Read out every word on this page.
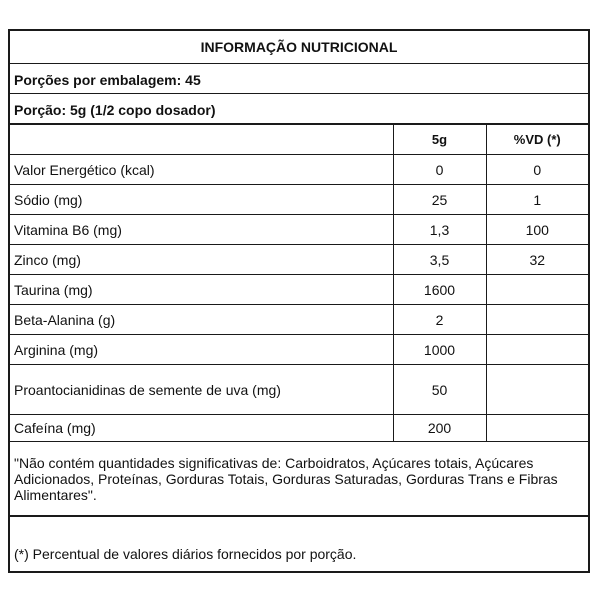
INFORMAÇÃO NUTRICIONAL
Porções por embalagem: 45
Porção: 5g (1/2 copo dosador)
	5g	%VD (*)
Valor Energético (kcal)	0	0
Sódio (mg)	25	1
Vitamina B6 (mg)	1,3	100
Zinco (mg)	3,5	32
Taurina (mg)	1600	
Beta-Alanina (g)	2	
Arginina (mg)	1000	
Proantocianidinas de semente de uva (mg)	50	
Cafeína (mg)	200	
"Não contém quantidades significativas de: Carboidratos, Açúcares totais, Açúcares Adicionados, Proteínas, Gorduras Totais, Gorduras Saturadas, Gorduras Trans e Fibras Alimentares".
(*) Percentual de valores diários fornecidos por porção.
